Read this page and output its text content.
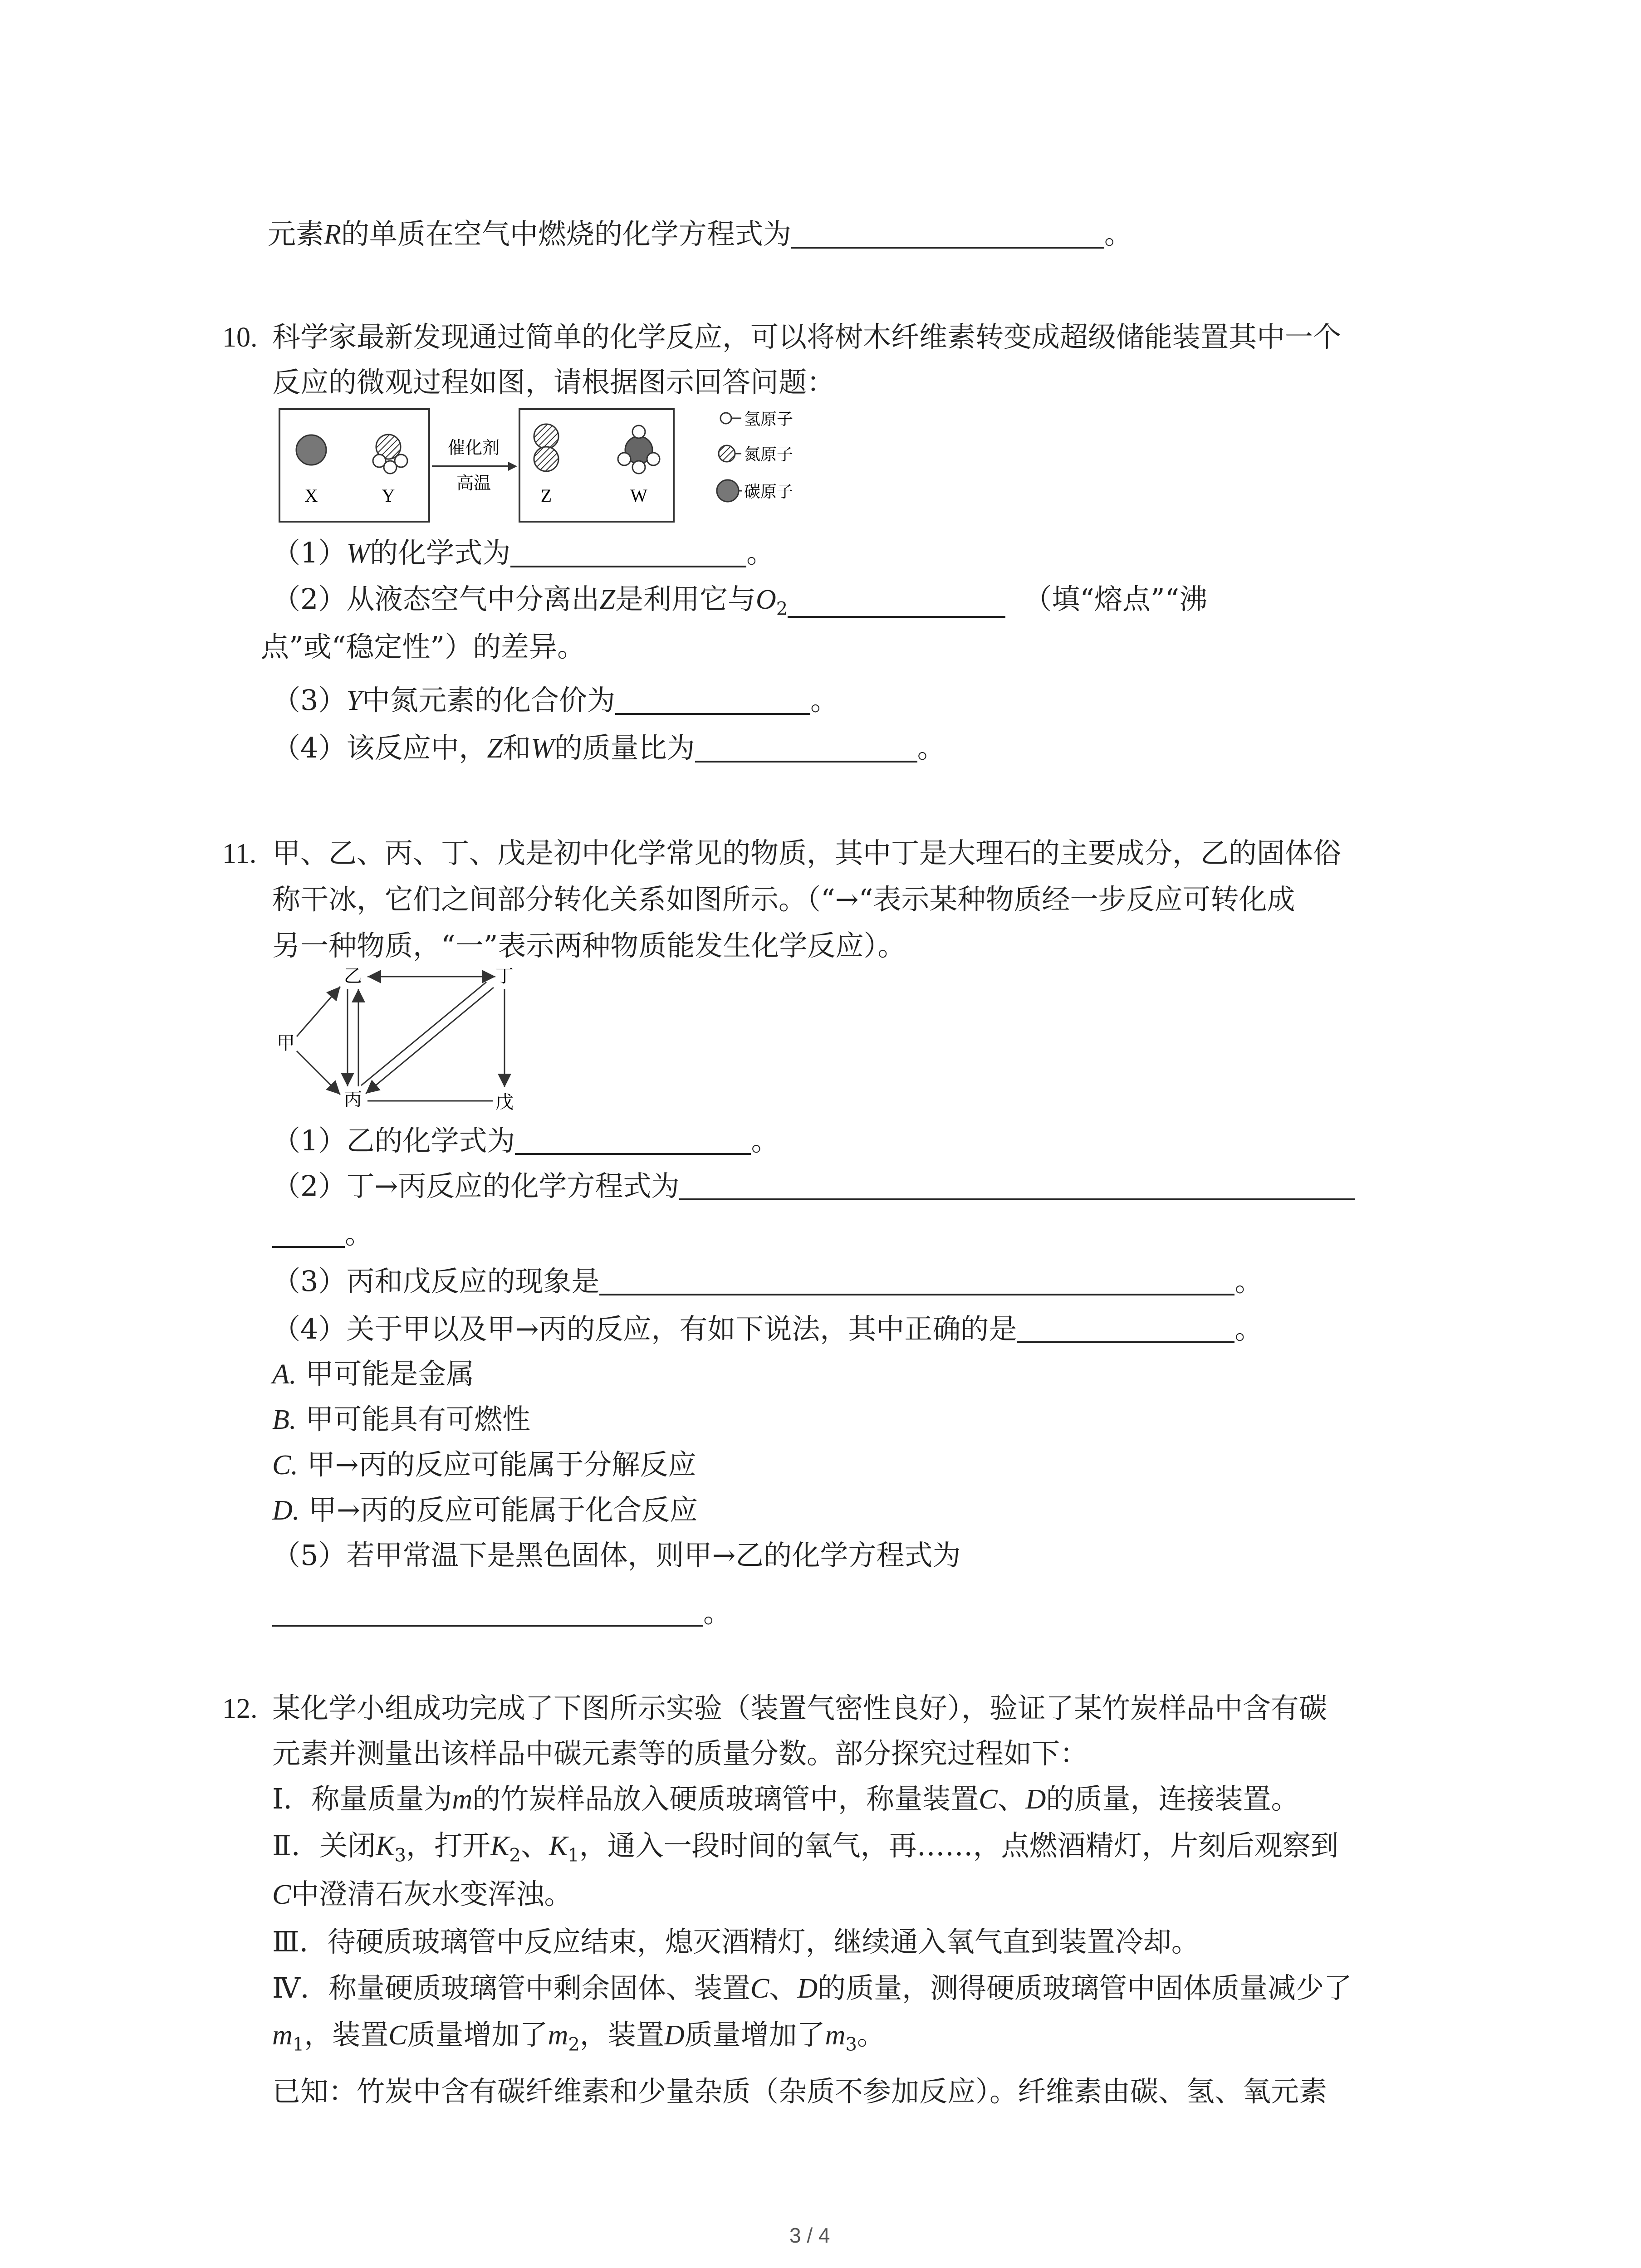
元素R的单质在空气中燃烧的化学方程式为	。
10. 科学家最新发现通过简单的化学反应，可以将树木纤维素转变成超级储能装置其中一个
反应的微观过程如图，请根据图示回答问题：
X	Y
催化剂
高温
Z	W
氢原子
氮原子
碳原子
（1）W的化学式为	。
（2）从液态空气中分离出Z是利用它与$O_2$	（填“熔点”“沸
点”或“稳定性”）的差异。
（3）Y中氮元素的化合价为	。
（4）该反应中，Z和W的质量比为	。
11. 甲、乙、丙、丁、戊是初中化学常见的物质，其中丁是大理石的主要成分，乙的固体俗
称干冰，它们之间部分转化关系如图所示。（“→“表示某种物质经一步反应可转化成
另一种物质，“一”表示两种物质能发生化学反应）。
乙	丁
甲
丙	戊
（1）乙的化学式为	。
（2）丁→丙反应的化学方程式为
。
（3）丙和戊反应的现象是	。
（4）关于甲以及甲→丙的反应，有如下说法，其中正确的是	。
A. 甲可能是金属
B. 甲可能具有可燃性
C. 甲→丙的反应可能属于分解反应
D. 甲→丙的反应可能属于化合反应
（5）若甲常温下是黑色固体，则甲→乙的化学方程式为
。
12. 某化学小组成功完成了下图所示实验（装置气密性良好），验证了某竹炭样品中含有碳
元素并测量出该样品中碳元素等的质量分数。部分探究过程如下：
Ⅰ．称量质量为m的竹炭样品放入硬质玻璃管中，称量装置C、D的质量，连接装置。
Ⅱ．关闭$K_3$，打开$K_2$、$K_1$，通入一段时间的氧气，再……，点燃酒精灯，片刻后观察到
C中澄清石灰水变浑浊。
Ⅲ．待硬质玻璃管中反应结束，熄灭酒精灯，继续通入氧气直到装置冷却。
Ⅳ．称量硬质玻璃管中剩余固体、装置C、D的质量，测得硬质玻璃管中固体质量减少了
$m_1$，装置C质量增加了$m_2$，装置D质量增加了$m_3$。
已知：竹炭中含有碳纤维素和少量杂质（杂质不参加反应）。纤维素由碳、氢、氧元素
3 / 4
